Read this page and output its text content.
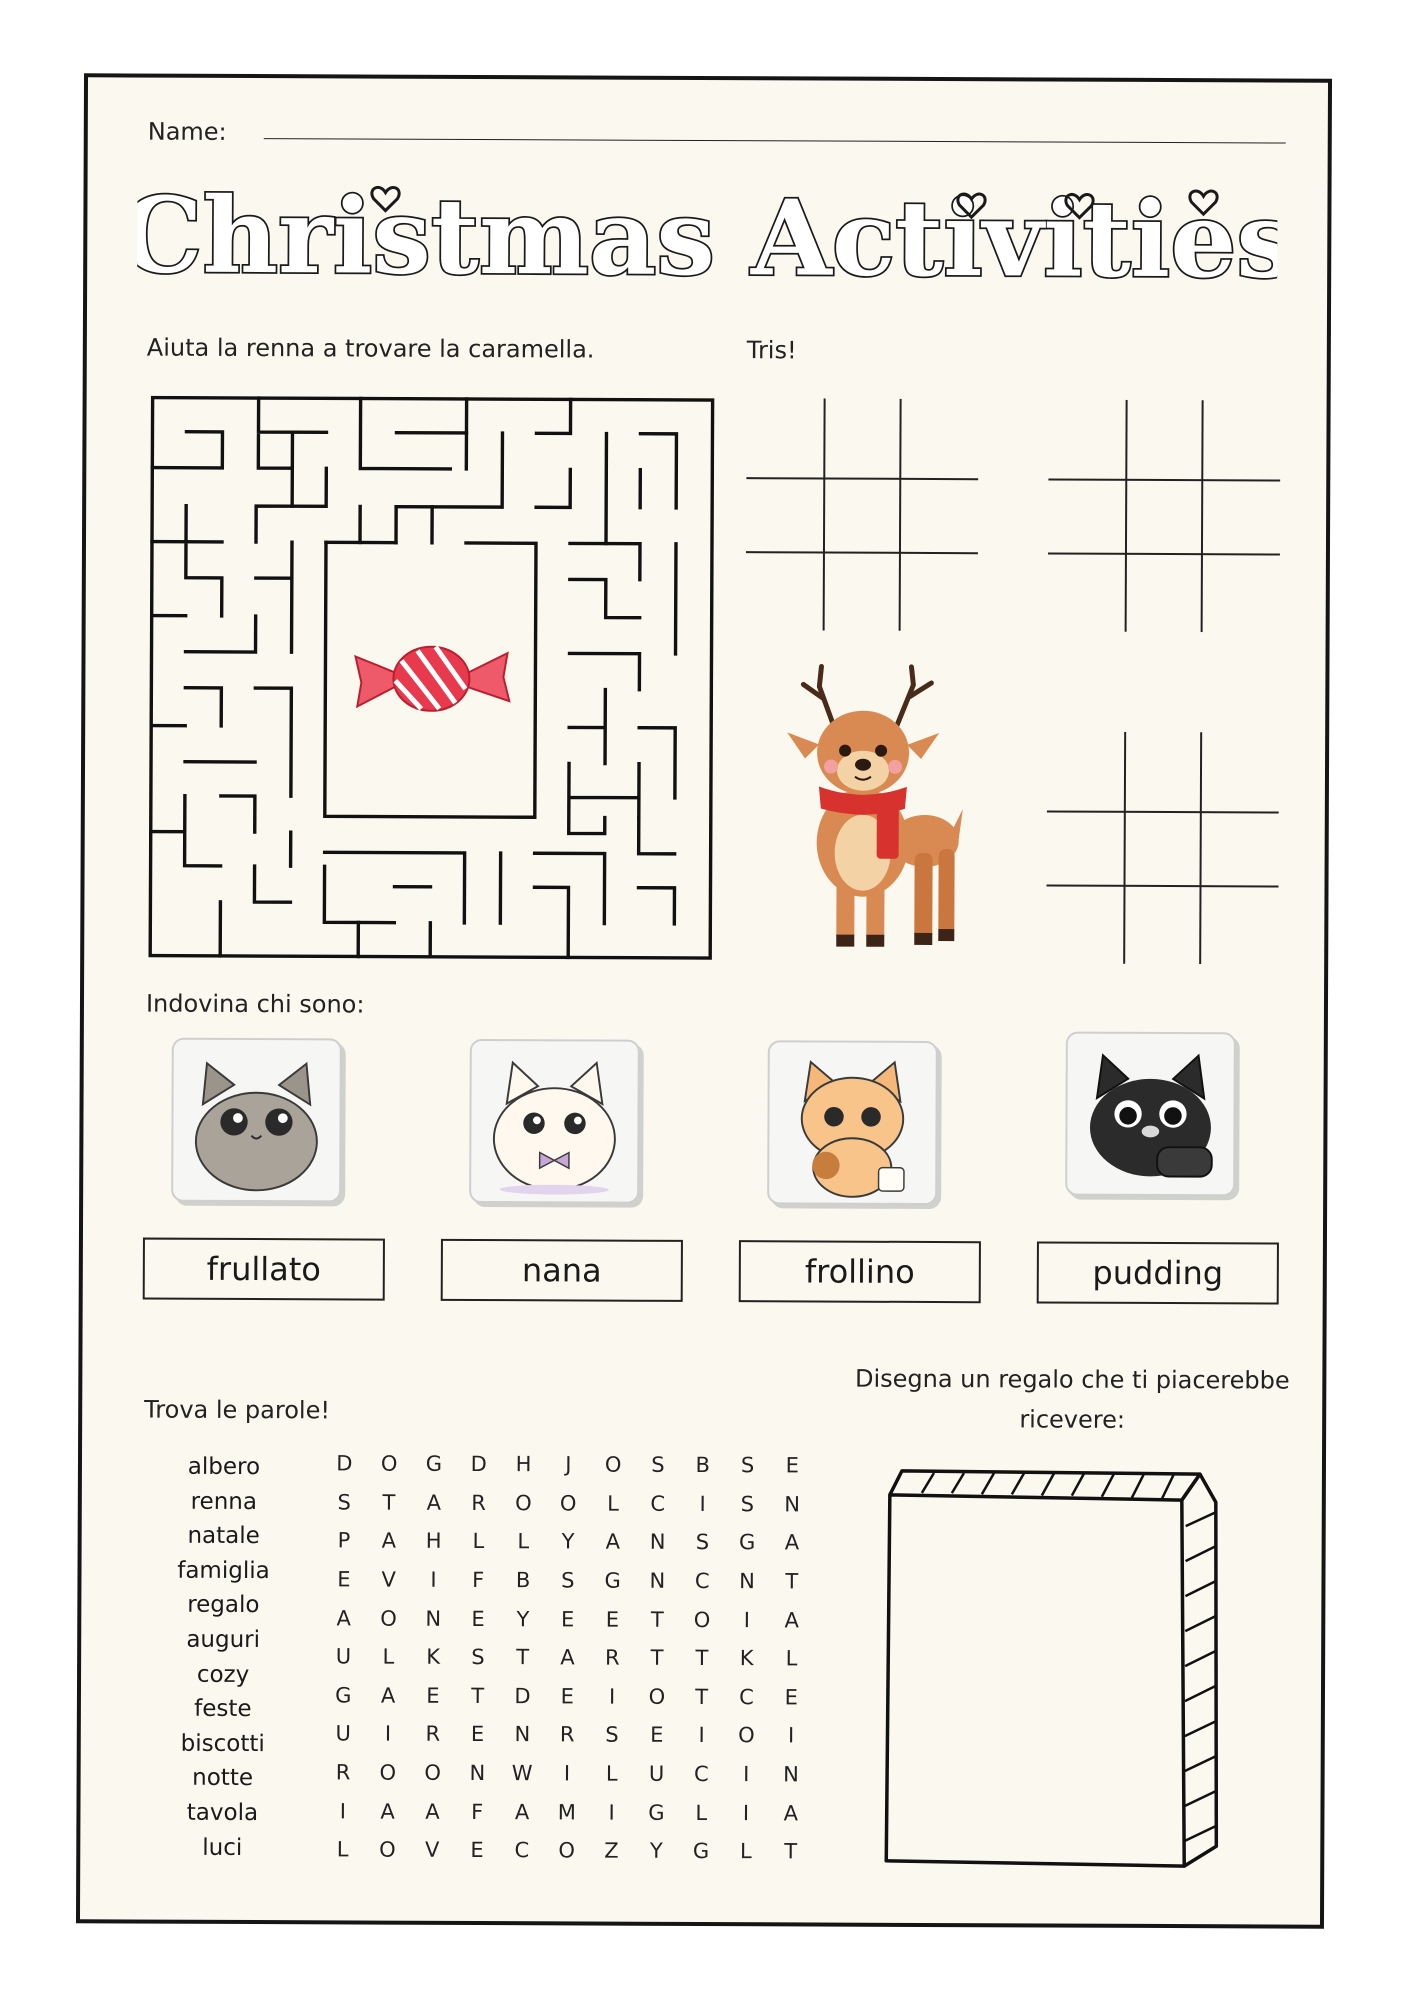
Name:
Christmas Activities
Aiuta la renna a trovare la caramella.	Tris!
Indovina chi sono:
frullato	nana	frollino	pudding
Trova le parole!
Disegna un regalo che ti piacerebbe ricevere:
albero
renna
natale
famiglia
regalo
auguri
cozy
feste
biscotti
notte
tavola
luci
D	O	G	D	H	J	O	S	B	S	E
S	T	A	R	O	O	L	C	I	S	N
P	A	H	L	L	Y	A	N	S	G	A
E	V	I	F	B	S	G	N	C	N	T
A	O	N	E	Y	E	E	T	O	I	A
U	L	K	S	T	A	R	T	T	K	L
G	A	E	T	D	E	I	O	T	C	E
U	I	R	E	N	R	S	E	I	O	I
R	O	O	N	W	I	L	U	C	I	N
I	A	A	F	A	M	I	G	L	I	A
L	O	V	E	C	O	Z	Y	G	L	T
